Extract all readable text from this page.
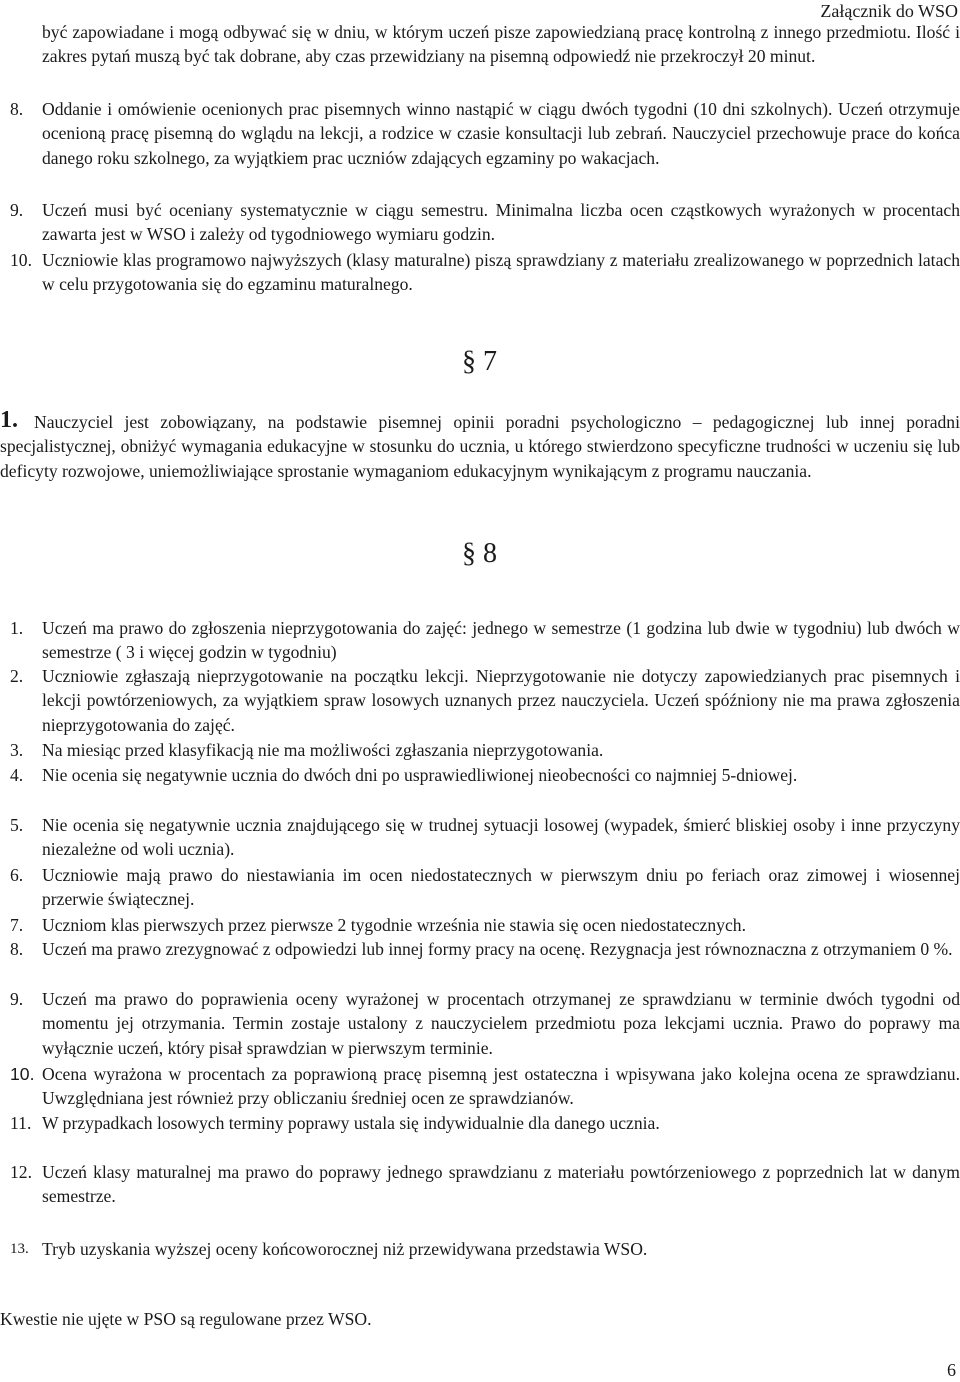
Załącznik do WSO
być zapowiadane i mogą odbywać się w dniu, w którym uczeń pisze zapowiedzianą pracę kontrolną z innego przedmiotu. Ilość i zakres pytań muszą być tak dobrane, aby czas przewidziany na pisemną odpowiedź nie przekroczył 20 minut.
8.	Oddanie i omówienie ocenionych prac pisemnych winno nastąpić w ciągu dwóch tygodni (10 dni szkolnych). Uczeń otrzymuje ocenioną pracę pisemną do wglądu na lekcji, a rodzice w czasie konsultacji lub zebrań. Nauczyciel przechowuje prace do końca danego roku szkolnego, za wyjątkiem prac uczniów zdających egzaminy po wakacjach.
9.	Uczeń musi być oceniany systematycznie w ciągu semestru. Minimalna liczba ocen cząstkowych wyrażonych w procentach zawarta jest w WSO i zależy od tygodniowego wymiaru godzin.
10. Uczniowie klas programowo najwyższych (klasy maturalne) piszą sprawdziany z materiału zrealizowanego w poprzednich latach w celu przygotowania się do egzaminu maturalnego.
§ 7
1. Nauczyciel jest zobowiązany, na podstawie pisemnej opinii poradni psychologiczno – pedagogicznej lub innej poradni specjalistycznej, obniżyć wymagania edukacyjne w stosunku do ucznia, u którego stwierdzono specyficzne trudności w uczeniu się lub deficyty rozwojowe, uniemożliwiające sprostanie wymaganiom edukacyjnym wynikającym z programu nauczania.
§ 8
1.	Uczeń ma prawo do zgłoszenia nieprzygotowania do zajęć: jednego w semestrze (1 godzina lub dwie w tygodniu) lub dwóch w semestrze ( 3 i więcej godzin w tygodniu)
2.	Uczniowie zgłaszają nieprzygotowanie na początku lekcji. Nieprzygotowanie nie dotyczy zapowiedzianych prac pisemnych i lekcji powtórzeniowych, za wyjątkiem spraw losowych uznanych przez nauczyciela. Uczeń spóźniony nie ma prawa zgłoszenia nieprzygotowania do zajęć.
3.	Na miesiąc przed klasyfikacją nie ma możliwości zgłaszania nieprzygotowania.
4.	Nie ocenia się negatywnie ucznia do dwóch dni po usprawiedliwionej nieobecności co najmniej 5-dniowej.
5.	Nie ocenia się negatywnie ucznia znajdującego się w trudnej sytuacji losowej (wypadek, śmierć bliskiej osoby i inne przyczyny niezależne od woli ucznia).
6.	Uczniowie mają prawo do niestawiania im ocen niedostatecznych w pierwszym dniu po feriach oraz zimowej i wiosennej przerwie świątecznej.
7.	Uczniom klas pierwszych przez pierwsze 2 tygodnie września nie stawia się ocen niedostatecznych.
8.	Uczeń ma prawo zrezygnować z odpowiedzi lub innej formy pracy na ocenę. Rezygnacja jest równoznaczna z otrzymaniem 0 %.
9.	Uczeń ma prawo do poprawienia oceny wyrażonej w procentach otrzymanej ze sprawdzianu w terminie dwóch tygodni od momentu jej otrzymania. Termin zostaje ustalony z nauczycielem przedmiotu poza lekcjami ucznia. Prawo do poprawy ma wyłącznie uczeń, który pisał sprawdzian w pierwszym terminie.
10. Ocena wyrażona w procentach za poprawioną pracę pisemną jest ostateczna i wpisywana jako kolejna ocena ze sprawdzianu. Uwzględniana jest również przy obliczaniu średniej ocen ze sprawdzianów.
11. W przypadkach losowych terminy poprawy ustala się indywidualnie dla danego ucznia.
12. Uczeń klasy maturalnej ma prawo do poprawy jednego sprawdzianu z materiału powtórzeniowego z poprzednich lat w danym semestrze.
13. Tryb uzyskania wyższej oceny końcoworocznej niż przewidywana przedstawia WSO.
Kwestie nie ujęte w PSO są regulowane przez WSO.
6
